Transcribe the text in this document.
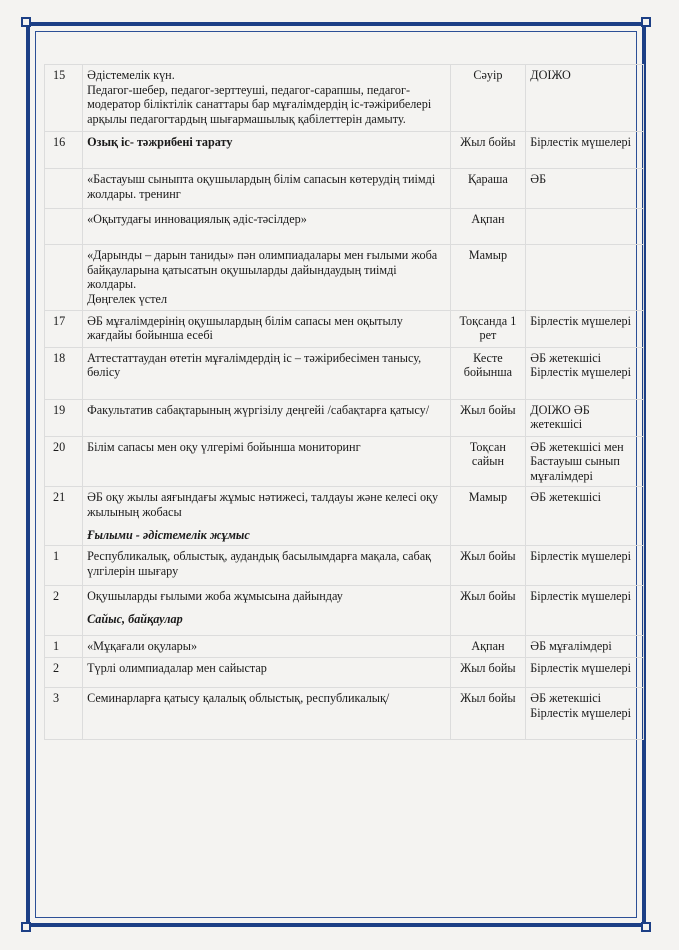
15	Әдістемелік күн.
Педагог-шебер, педагог-зерттеуші, педагог-сарапшы, педагог-модератор біліктілік санаттары бар мұғалімдердің іс-тәжірибелері арқылы педагогтардың шығармашылық қабілеттерін дамыту.	Сәуір	ДОІЖО
16	Озық іс- тәжрибені тарату	Жыл бойы	Бірлестік мүшелері
	«Бастауыш сыныпта оқушылардың білім сапасын көтерудің тиімді жолдары. тренинг	Қараша	ӘБ
	«Оқытудағы инновациялық әдіс-тәсілдер»	Ақпан	
	«Дарынды – дарын таниды» пән олимпиадалары мен ғылыми жоба байқауларына қатысатын оқушыларды дайындаудың тиімді жолдары.
Дөңгелек үстел	Мамыр	
17	ӘБ мұғалімдерінің оқушылардың білім сапасы мен оқытылу жағдайы бойынша есебі	Тоқсанда 1 рет	Бірлестік мүшелері
18	Аттестаттаудан өтетін мұғалімдердің іс – тәжірибесімен танысу, бөлісу	Кесте бойынша	ӘБ жетекшісі Бірлестік мүшелері
19	Факультатив сабақтарының жүргізілу деңгейі /сабақтарға қатысу/	Жыл бойы	ДОІЖО ӘБ жетекшісі
20	Білім сапасы мен оқу үлгерімі бойынша мониторинг	Тоқсан сайын	ӘБ жетекшісі мен Бастауыш сынып мұғалімдері
21	ӘБ оқу жылы аяғындағы жұмыс нәтижесі, талдауы және келесі оқу жылының жобасы
Ғылыми - әдістемелік жұмыс	Мамыр	ӘБ жетекшісі
1	Республикалық, облыстық, аудандық басылымдарға мақала, сабақ үлгілерін шығару	Жыл бойы	Бірлестік мүшелері
2	Оқушыларды ғылыми жоба жұмысына дайындау
Сайыс, байқаулар	Жыл бойы	Бірлестік мүшелері
1	«Мұқағали оқулары»	Ақпан	ӘБ мұғалімдері
2	Түрлі олимпиадалар мен сайыстар	Жыл бойы	Бірлестік мүшелері
3	Семинарларға қатысу қалалық облыстық, республикалық/	Жыл бойы	ӘБ жетекшісі Бірлестік мүшелері
